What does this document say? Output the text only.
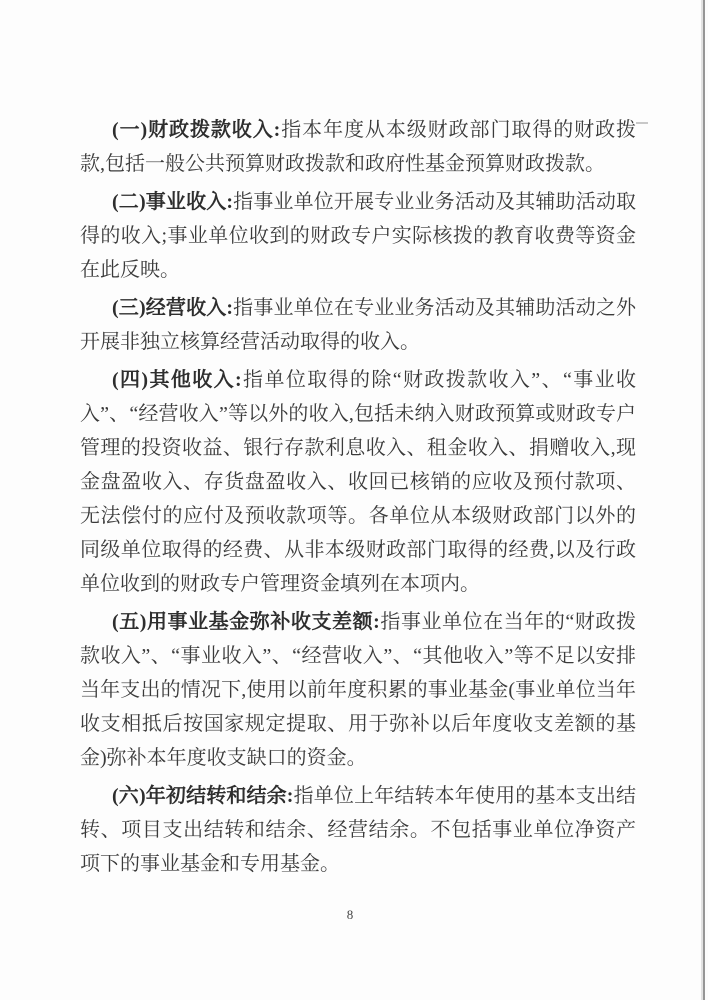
(一)财政拨款收入:指本年度从本级财政部门取得的财政拨款,包括一般公共预算财政拨款和政府性基金预算财政拨款。

(二)事业收入:指事业单位开展专业业务活动及其辅助活动取得的收入;事业单位收到的财政专户实际核拨的教育收费等资金在此反映。

(三)经营收入:指事业单位在专业业务活动及其辅助活动之外开展非独立核算经营活动取得的收入。

(四)其他收入:指单位取得的除“财政拨款收入”、“事业收入”、“经营收入”等以外的收入,包括未纳入财政预算或财政专户管理的投资收益、银行存款利息收入、租金收入、捐赠收入,现金盘盈收入、存货盘盈收入、收回已核销的应收及预付款项、无法偿付的应付及预收款项等。各单位从本级财政部门以外的同级单位取得的经费、从非本级财政部门取得的经费,以及行政单位收到的财政专户管理资金填列在本项内。

(五)用事业基金弥补收支差额:指事业单位在当年的“财政拨款收入”、“事业收入”、“经营收入”、“其他收入”等不足以安排当年支出的情况下,使用以前年度积累的事业基金(事业单位当年收支相抵后按国家规定提取、用于弥补以后年度收支差额的基金)弥补本年度收支缺口的资金。

(六)年初结转和结余:指单位上年结转本年使用的基本支出结转、项目支出结转和结余、经营结余。不包括事业单位净资产项下的事业基金和专用基金。

8
